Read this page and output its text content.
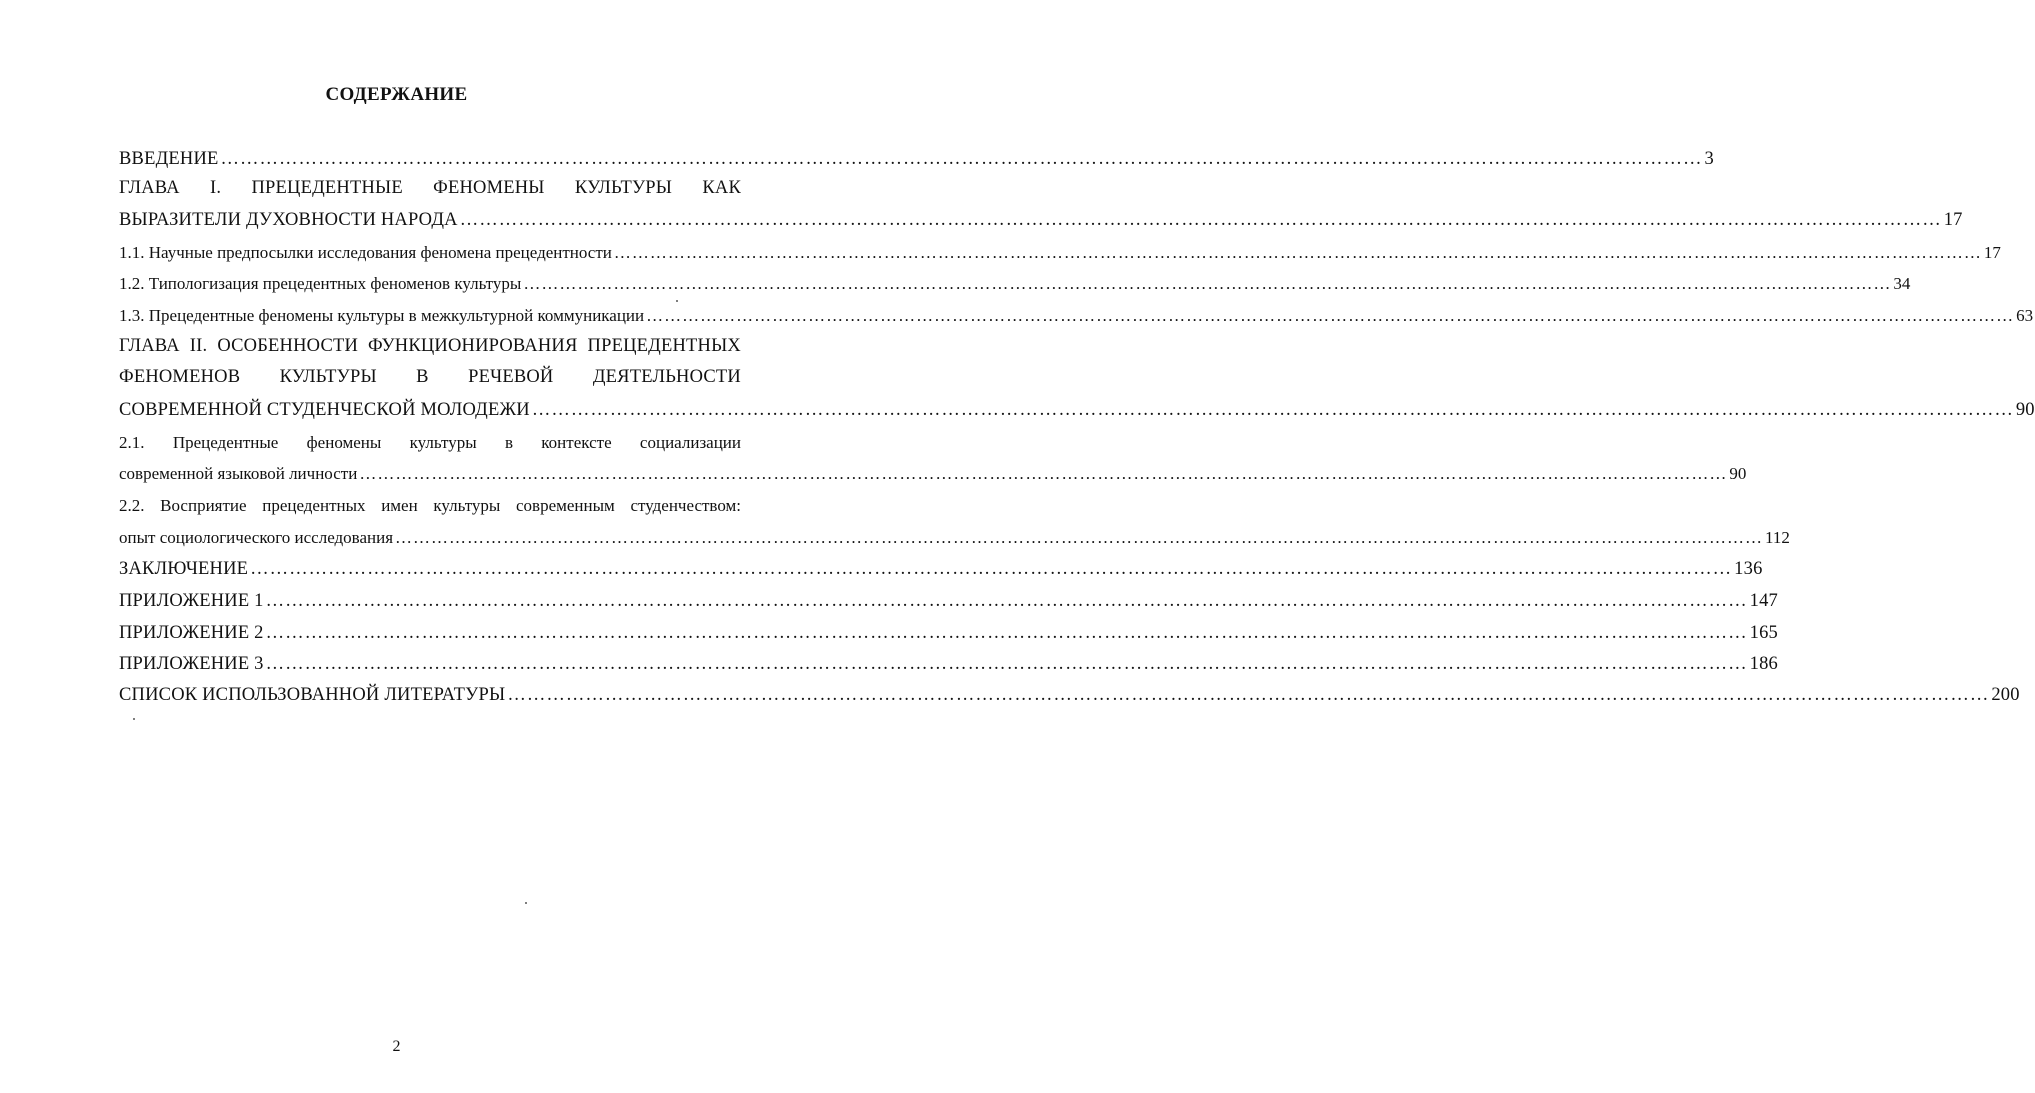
СОДЕРЖАНИЕ
ВВЕДЕНИЕ ………………………………………………………………………………………………………………………………………………………………………………………………………… 3
ГЛАВА I. ПРЕЦЕДЕНТНЫЕ ФЕНОМЕНЫ КУЛЬТУРЫ КАК
ВЫРАЗИТЕЛИ ДУХОВНОСТИ НАРОДА ………………………………………………………………………………………………………………………………………………………………………………………………………… 17
1.1. Научные предпосылки исследования феномена прецедентности ………………………………………………………………………………………………………………………………………………………………………………………………………… 17
1.2. Типологизация прецедентных феноменов культуры ………………………………………………………………………………………………………………………………………………………………………………………………………… 34
1.3. Прецедентные феномены культуры в межкультурной коммуникации ………………………………………………………………………………………………………………………………………………………………………………………………………… 63
ГЛАВА II. ОСОБЕННОСТИ ФУНКЦИОНИРОВАНИЯ ПРЕЦЕДЕНТНЫХ
ФЕНОМЕНОВ КУЛЬТУРЫ В РЕЧЕВОЙ ДЕЯТЕЛЬНОСТИ
СОВРЕМЕННОЙ СТУДЕНЧЕСКОЙ МОЛОДЕЖИ ………………………………………………………………………………………………………………………………………………………………………………………………………… 90
2.1. Прецедентные феномены культуры в контексте социализации
современной языковой личности ………………………………………………………………………………………………………………………………………………………………………………………………………… 90
2.2. Восприятие прецедентных имен культуры современным студенчеством:
опыт социологического исследования ………………………………………………………………………………………………………………………………………………………………………………………………………… 112
ЗАКЛЮЧЕНИЕ ………………………………………………………………………………………………………………………………………………………………………………………………………… 136
ПРИЛОЖЕНИЕ 1 ………………………………………………………………………………………………………………………………………………………………………………………………………… 147
ПРИЛОЖЕНИЕ 2 ………………………………………………………………………………………………………………………………………………………………………………………………………… 165
ПРИЛОЖЕНИЕ 3 ………………………………………………………………………………………………………………………………………………………………………………………………………… 186
СПИСОК ИСПОЛЬЗОВАННОЙ ЛИТЕРАТУРЫ ………………………………………………………………………………………………………………………………………………………………………………………………………… 200
2
